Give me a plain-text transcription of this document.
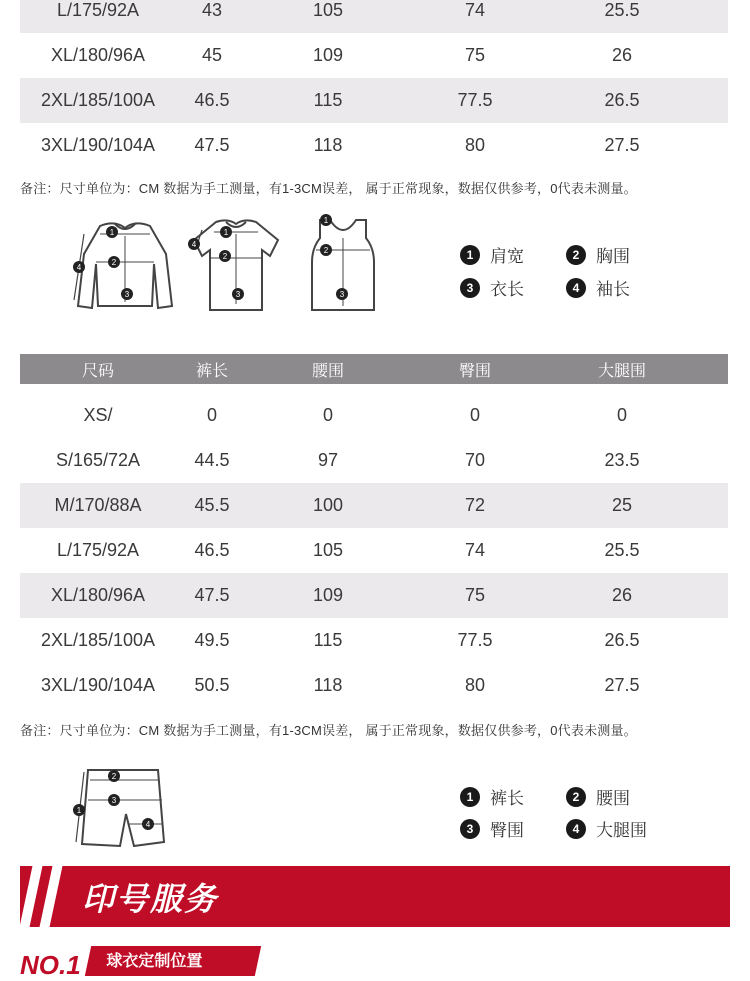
L/175/92A	43	105	74	25.5
XL/180/96A	45	109	75	26
2XL/185/100A	46.5	115	77.5	26.5
3XL/190/104A	47.5	118	80	27.5
备注：尺寸单位为：CM 数据为手工测量，有1-3CM误差， 属于正常现象，数据仅供参考，0代表未测量。
1
2
3
4
1
2
3
4
1
2
3
1 肩宽	2 胸围
3 衣长	4 袖长
尺码	裤长	腰围	臀围	大腿围
XS/	0	0	0	0
S/165/72A	44.5	97	70	23.5
M/170/88A	45.5	100	72	25
L/175/92A	46.5	105	74	25.5
XL/180/96A	47.5	109	75	26
2XL/185/100A	49.5	115	77.5	26.5
3XL/190/104A	50.5	118	80	27.5
备注：尺寸单位为：CM 数据为手工测量，有1-3CM误差， 属于正常现象，数据仅供参考，0代表未测量。
2
3
4
1
1 裤长	2 腰围
3 臀围	4 大腿围
印号服务
NO.1 球衣定制位置
